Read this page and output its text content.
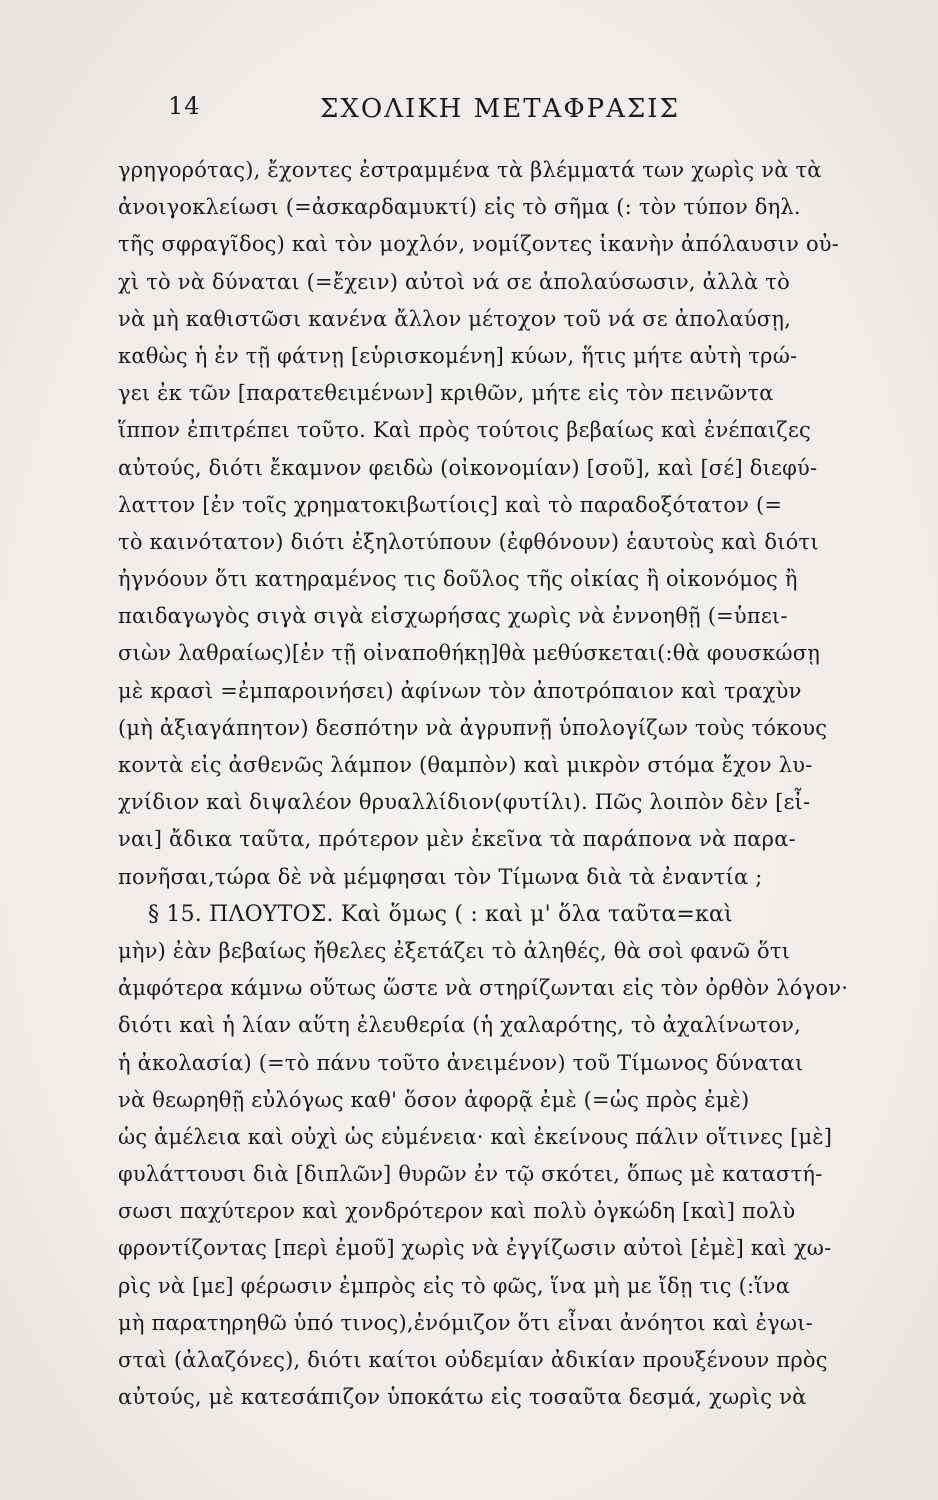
14	ΣΧΟΛΙΚΗ ΜΕΤΑΦΡΑΣΙΣ
γρηγορότας), ἔχοντες ἐστραμμένα τὰ βλέμματά των χωρὶς νὰ τὰ
ἀνοιγοκλείωσι (=ἀσκαρδαμυκτί) εἰς τὸ σῆμα (: τὸν τύπον δηλ.
τῆς σφραγῖδος) καὶ τὸν μοχλόν, νομίζοντες ἱκανὴν ἀπόλαυσιν οὐ-
χὶ τὸ νὰ δύναται (=ἔχειν) αὐτοὶ νά σε ἀπολαύσωσιν, ἀλλὰ τὸ
νὰ μὴ καθιστῶσι κανένα ἄλλον μέτοχον τοῦ νά σε ἀπολαύσῃ,
καθὼς ἡ ἐν τῇ φάτνῃ [εὑρισκομένη] κύων, ἥτις μήτε αὐτὴ τρώ-
γει ἐκ τῶν [παρατεθειμένων] κριθῶν, μήτε εἰς τὸν πεινῶντα
ἵππον ἐπιτρέπει τοῦτο. Καὶ πρὸς τούτοις βεβαίως καὶ ἐνέπαιζες
αὐτούς, διότι ἔκαμνον φειδὼ (οἰκονομίαν) [σοῦ], καὶ [σέ] διεφύ-
λαττον [ἐν τοῖς χρηματοκιβωτίοις] καὶ τὸ παραδοξότατον (=
τὸ καινότατον) διότι ἐξηλοτύπουν (ἐφθόνουν) ἑαυτοὺς καὶ διότι
ἠγνόουν ὅτι κατηραμένος τις δοῦλος τῆς οἰκίας ἢ οἰκονόμος ἢ
παιδαγωγὸς σιγὰ σιγὰ εἰσχωρήσας χωρὶς νὰ ἐννοηθῇ (=ὑπει-
σιὼν λαθραίως)[ἐν τῇ οἰναποθήκῃ]θὰ μεθύσκεται(:θὰ φουσκώσῃ
μὲ κρασὶ =ἐμπαροινήσει) ἀφίνων τὸν ἀποτρόπαιον καὶ τραχὺν
(μὴ ἀξιαγάπητον) δεσπότην νὰ ἀγρυπνῇ ὑπολογίζων τοὺς τόκους
κοντὰ εἰς ἀσθενῶς λάμπον (θαμπὸν) καὶ μικρὸν στόμα ἔχον λυ-
χνίδιον καὶ διψαλέον θρυαλλίδιον(φυτίλι). Πῶς λοιπὸν δὲν [εἶ-
ναι] ἄδικα ταῦτα, πρότερον μὲν ἐκεῖνα τὰ παράπονα νὰ παρα-
πονῆσαι,τώρα δὲ νὰ μέμφησαι τὸν Τίμωνα διὰ τὰ ἐναντία ;
§ 15. ΠΛΟΥΤΟΣ. Καὶ ὅμως ( : καὶ μ' ὅλα ταῦτα=καὶ
μὴν) ἐὰν βεβαίως ἤθελες ἐξετάζει τὸ ἀληθές, θὰ σοὶ φανῶ ὅτι
ἀμφότερα κάμνω οὕτως ὥστε νὰ στηρίζωνται εἰς τὸν ὀρθὸν λόγον·
διότι καὶ ἡ λίαν αὕτη ἐλευθερία (ἡ χαλαρότης, τὸ ἀχαλίνωτον,
ἡ ἀκολασία) (=τὸ πάνυ τοῦτο ἀνειμένον) τοῦ Τίμωνος δύναται
νὰ θεωρηθῇ εὐλόγως καθ' ὅσον ἀφορᾷ ἐμὲ (=ὡς πρὸς ἐμὲ)
ὡς ἀμέλεια καὶ οὐχὶ ὡς εὐμένεια· καὶ ἐκείνους πάλιν οἵτινες [μὲ]
φυλάττουσι διὰ [διπλῶν] θυρῶν ἐν τῷ σκότει, ὅπως μὲ καταστή-
σωσι παχύτερον καὶ χονδρότερον καὶ πολὺ ὀγκώδη [καὶ] πολὺ
φροντίζοντας [περὶ ἐμοῦ] χωρὶς νὰ ἐγγίζωσιν αὐτοὶ [ἐμὲ] καὶ χω-
ρὶς νὰ [με] φέρωσιν ἐμπρὸς εἰς τὸ φῶς, ἵνα μὴ με ἴδῃ τις (:ἵνα
μὴ παρατηρηθῶ ὑπό τινος),ἐνόμιζον ὅτι εἶναι ἀνόητοι καὶ ἐγωι-
σταὶ (ἀλαζόνες), διότι καίτοι οὐδεμίαν ἀδικίαν προυξένουν πρὸς
αὐτούς, μὲ κατεσάπιζον ὑποκάτω εἰς τοσαῦτα δεσμά, χωρὶς νὰ
